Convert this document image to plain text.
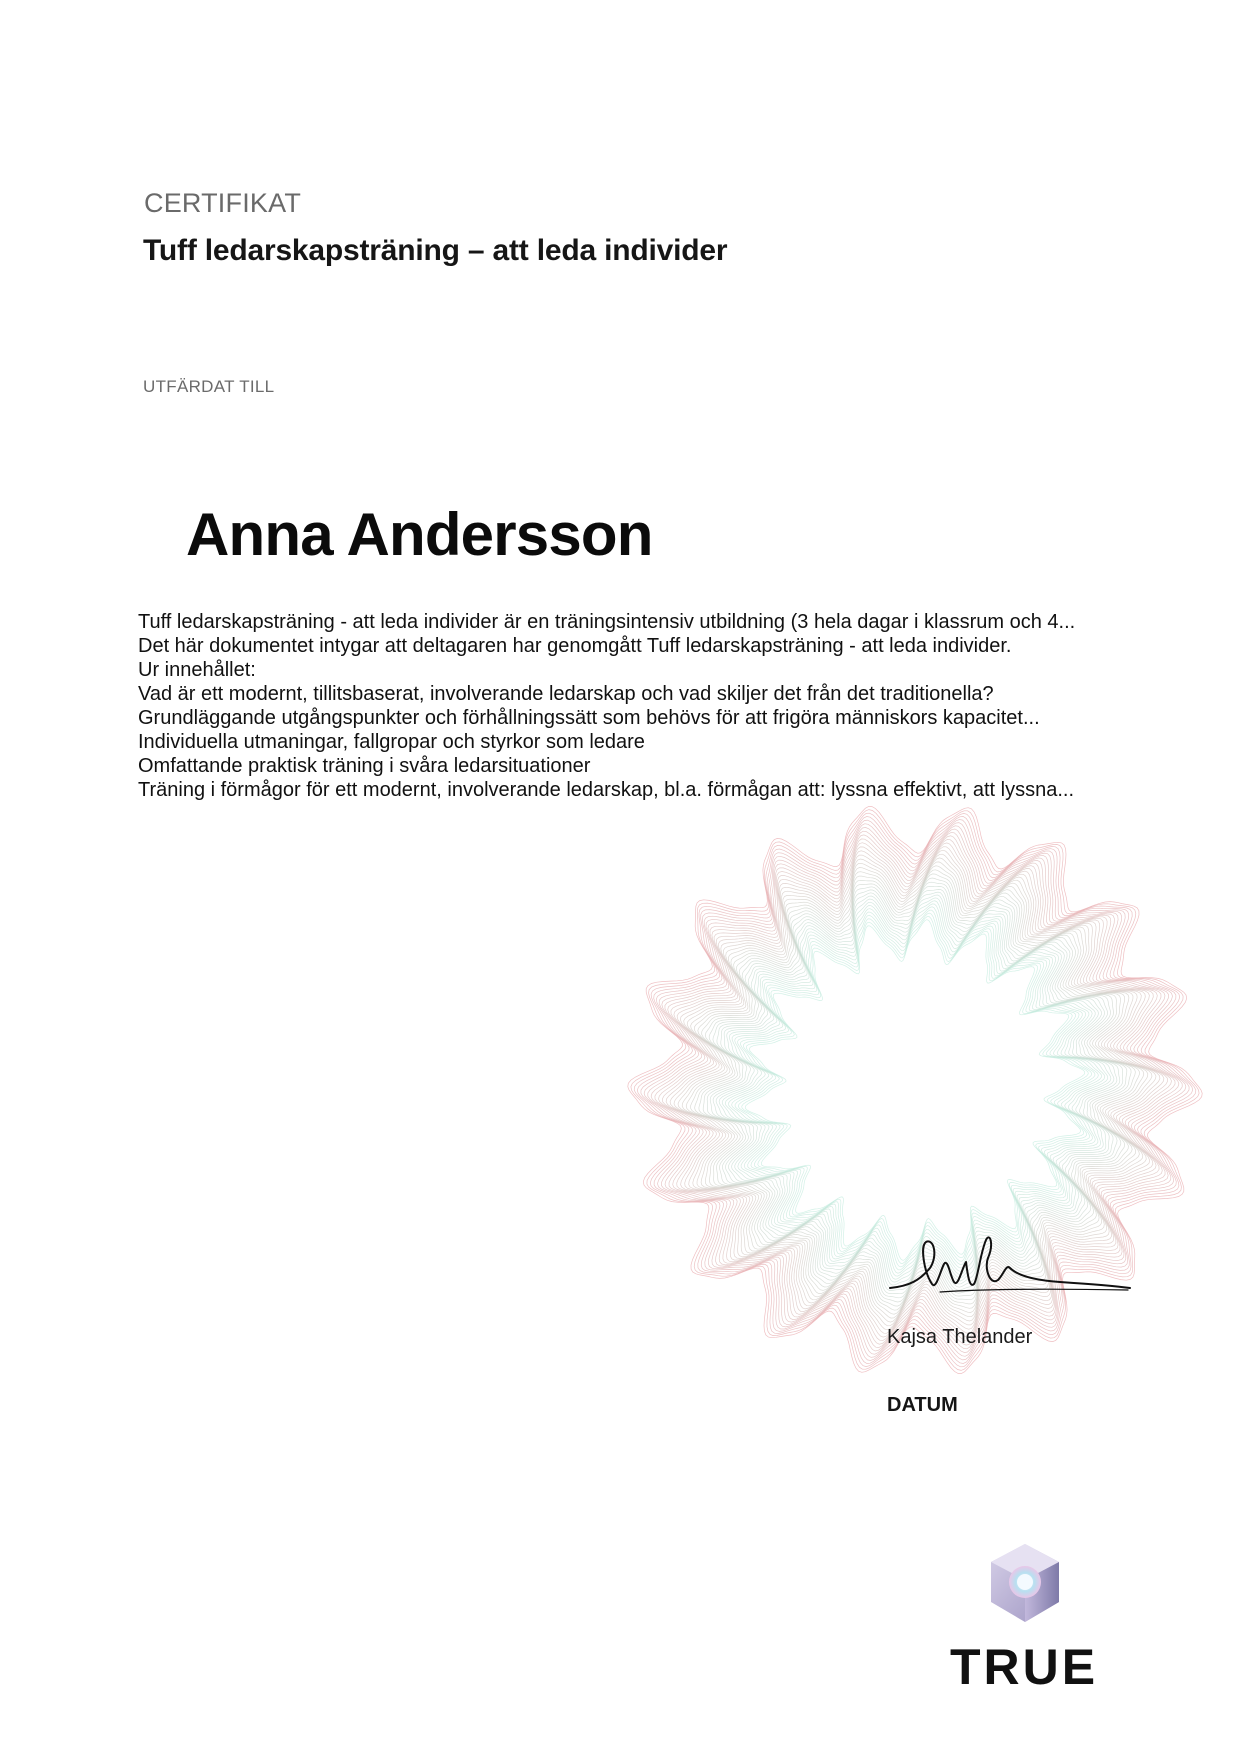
CERTIFIKAT
Tuff ledarskapsträning – att leda individer
UTFÄRDAT TILL
Anna Andersson
Tuff ledarskapsträning - att leda individer är en träningsintensiv utbildning (3 hela dagar i klassrum och 4...
Det här dokumentet intygar att deltagaren har genomgått Tuff ledarskapsträning - att leda individer.
Ur innehållet:
Vad är ett modernt, tillitsbaserat, involverande ledarskap och vad skiljer det från det traditionella?
Grundläggande utgångspunkter och förhållningssätt som behövs för att frigöra människors kapacitet...
Individuella utmaningar, fallgropar och styrkor som ledare
Omfattande praktisk träning i svåra ledarsituationer
Träning i förmågor för ett modernt, involverande ledarskap, bl.a. förmågan att: lyssna effektivt, att lyssna...
Kajsa Thelander
DATUM
TRUE
